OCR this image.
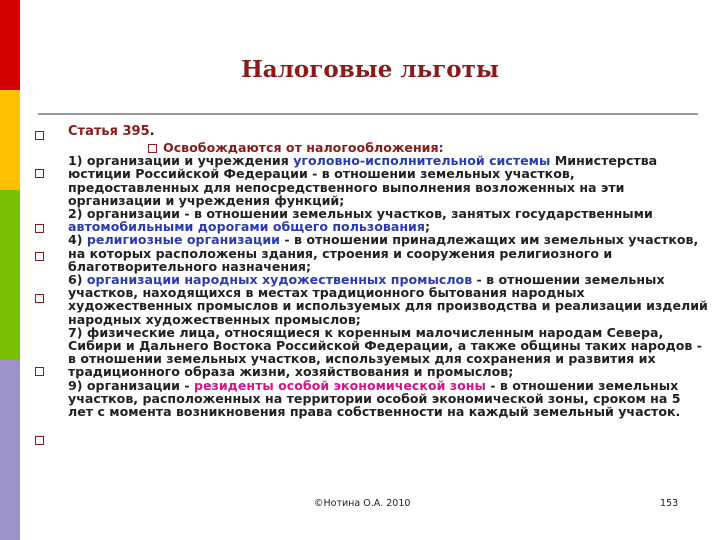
Налоговые льготы

Статья 395.

Освобождаются от налогообложения:

1) организации и учреждения уголовно-исполнительной системы Министерства юстиции Российской Федерации - в отношении земельных участков, предоставленных для непосредственного выполнения возложенных на эти организации и учреждения функций;

2) организации - в отношении земельных участков, занятых государственными автомобильными дорогами общего пользования;

4) религиозные организации - в отношении принадлежащих им земельных участков, на которых расположены здания, строения и сооружения религиозного и благотворительного назначения;

6) организации народных художественных промыслов - в отношении земельных участков, находящихся в местах традиционного бытования народных художественных промыслов и используемых для производства и реализации изделий народных художественных промыслов;

7) физические лица, относящиеся к коренным малочисленным народам Севера, Сибири и Дальнего Востока Российской Федерации, а также общины таких народов - в отношении земельных участков, используемых для сохранения и развития их традиционного образа жизни, хозяйствования и промыслов;

9) организации - резиденты особой экономической зоны - в отношении земельных участков, расположенных на территории особой экономической зоны, сроком на 5 лет с момента возникновения права собственности на каждый земельный участок.

©Нотина О.А. 2010	153
